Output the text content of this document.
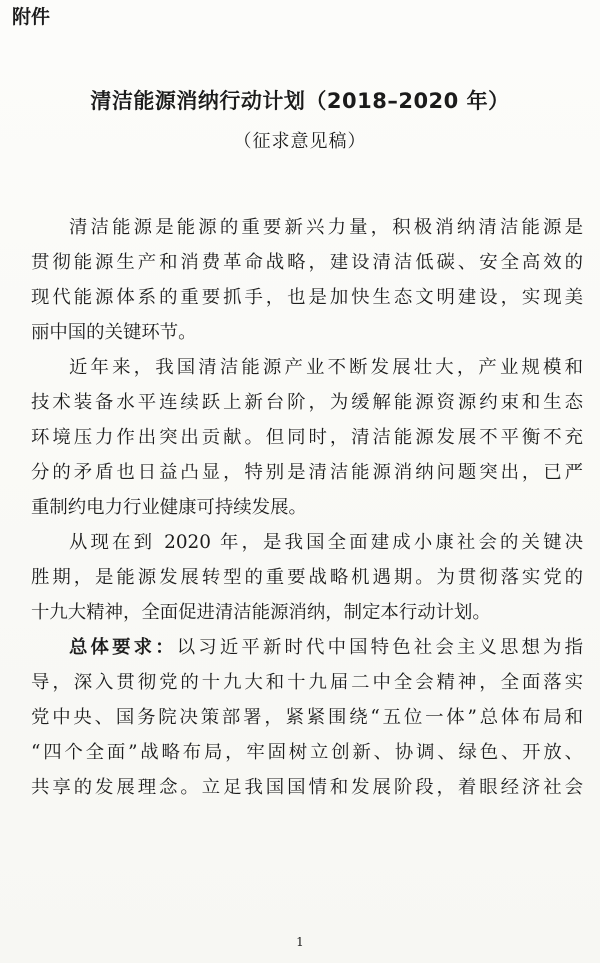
附件
清洁能源消纳行动计划（2018–2020 年）
（征求意见稿）
清洁能源是能源的重要新兴力量，积极消纳清洁能源是
贯彻能源生产和消费革命战略，建设清洁低碳、安全高效的
现代能源体系的重要抓手，也是加快生态文明建设，实现美
丽中国的关键环节。
近年来，我国清洁能源产业不断发展壮大，产业规模和
技术装备水平连续跃上新台阶，为缓解能源资源约束和生态
环境压力作出突出贡献。但同时，清洁能源发展不平衡不充
分的矛盾也日益凸显，特别是清洁能源消纳问题突出，已严
重制约电力行业健康可持续发展。
从现在到 2020 年，是我国全面建成小康社会的关键决
胜期，是能源发展转型的重要战略机遇期。为贯彻落实党的
十九大精神，全面促进清洁能源消纳，制定本行动计划。
总体要求：以习近平新时代中国特色社会主义思想为指
导，深入贯彻党的十九大和十九届二中全会精神，全面落实
党中央、国务院决策部署，紧紧围绕“五位一体”总体布局和
“四个全面”战略布局，牢固树立创新、协调、绿色、开放、
共享的发展理念。立足我国国情和发展阶段，着眼经济社会
1
